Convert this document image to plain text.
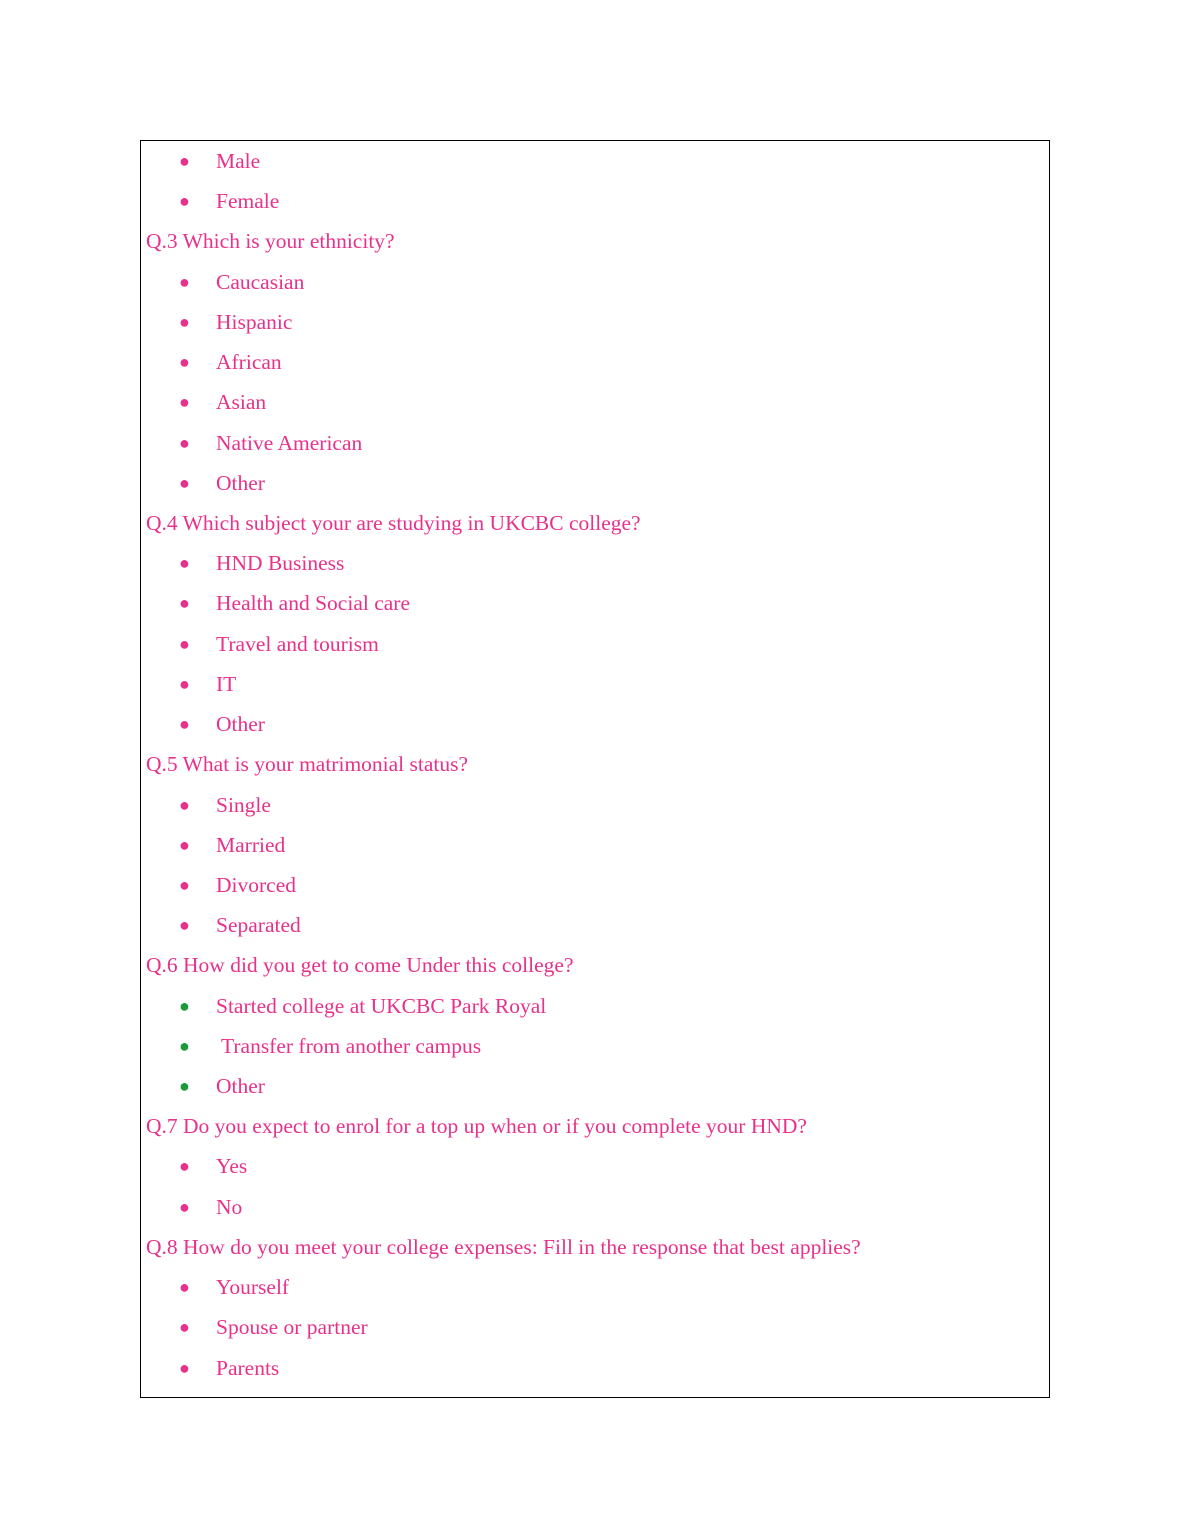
● Male
● Female
Q.3 Which is your ethnicity?
● Caucasian
● Hispanic
● African
● Asian
● Native American
● Other
Q.4 Which subject your are studying in UKCBC college?
● HND Business
● Health and Social care
● Travel and tourism
● IT
● Other
Q.5 What is your matrimonial status?
● Single
● Married
● Divorced
● Separated
Q.6 How did you get to come Under this college?
● Started college at UKCBC Park Royal
● Transfer from another campus
● Other
Q.7 Do you expect to enrol for a top up when or if you complete your HND?
● Yes
● No
Q.8 How do you meet your college expenses: Fill in the response that best applies?
● Yourself
● Spouse or partner
● Parents
